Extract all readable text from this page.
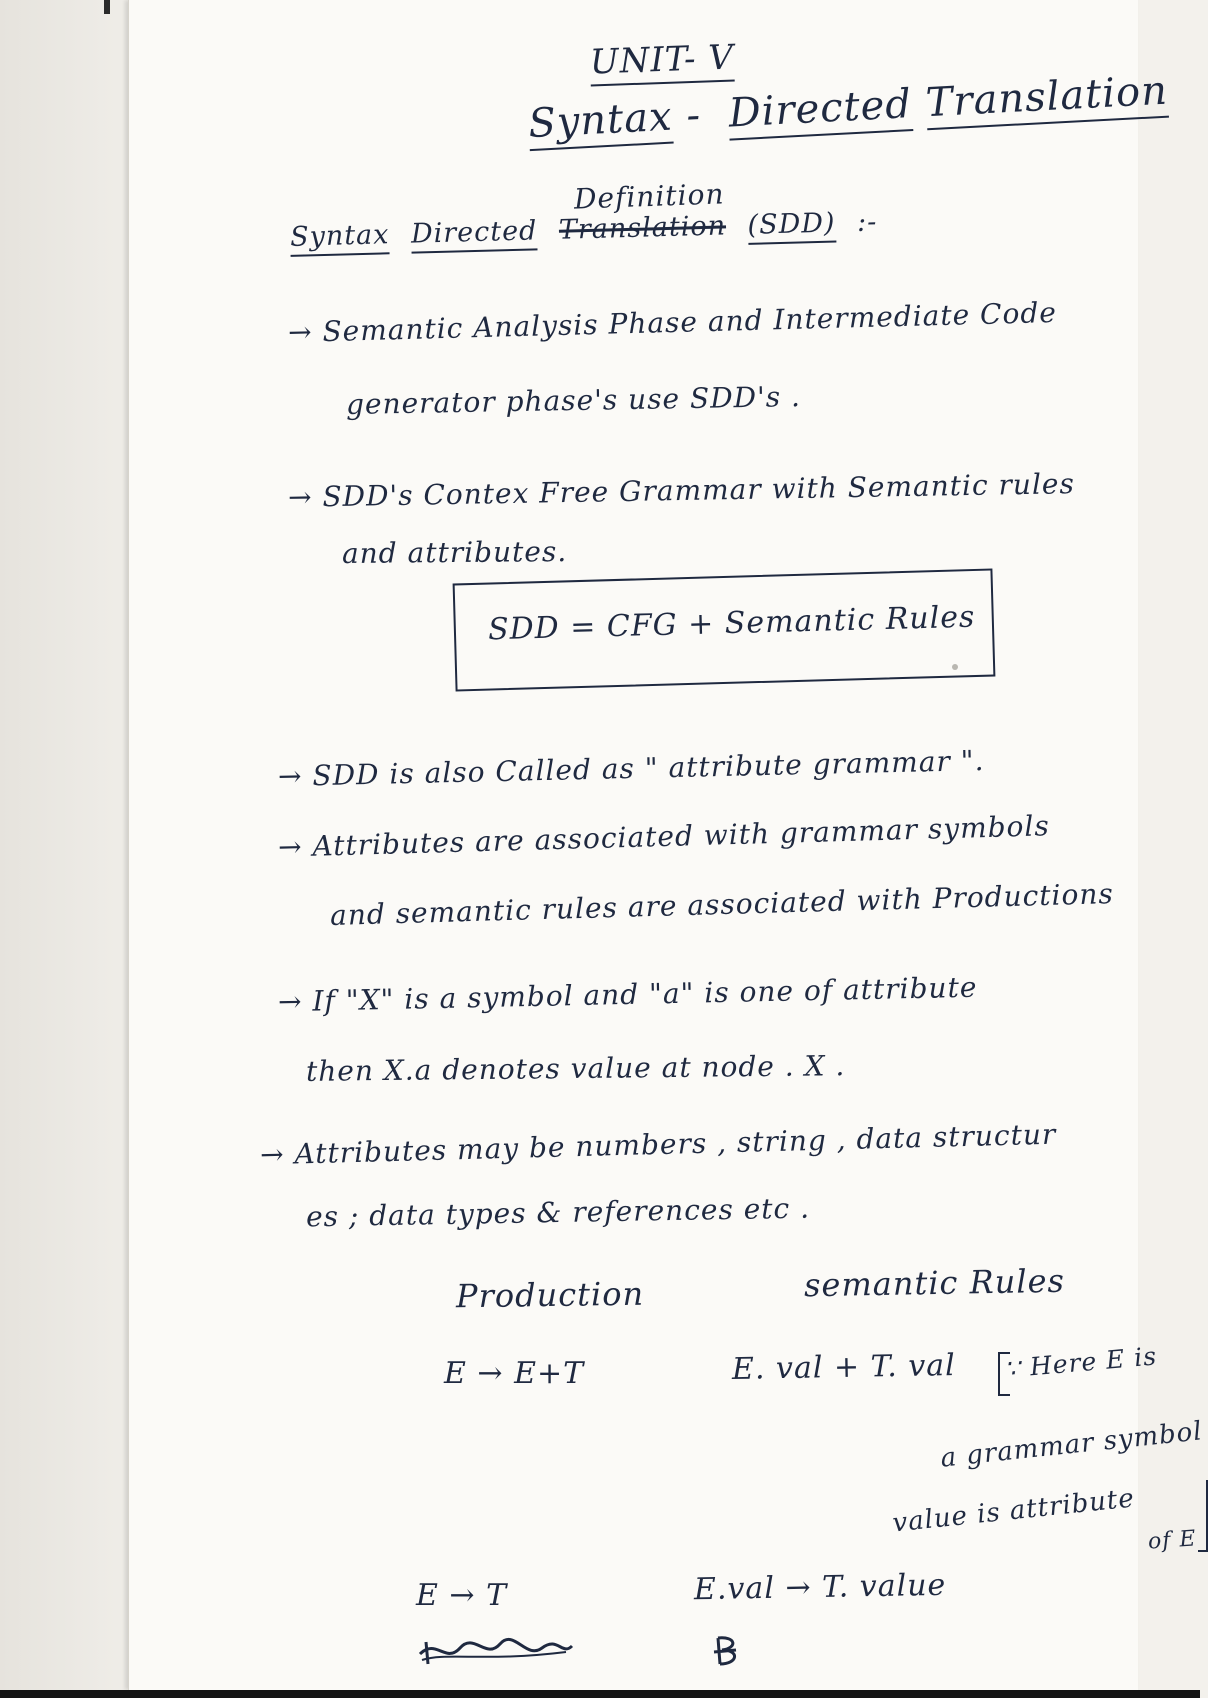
UNIT- V
Syntax - Directed Translation
Definition
Syntax Directed Translation (SDD) :-
→ Semantic Analysis Phase and Intermediate Code
generator phase's use SDD's .
→ SDD's Contex Free Grammar with Semantic rules
and attributes.
SDD = CFG + Semantic Rules
→ SDD is also Called as " attribute grammar ".
→ Attributes are associated with grammar symbols
and semantic rules are associated with Productions
→ If "X" is a symbol and "a" is one of attribute
then X.a denotes value at node . X .
→ Attributes may be numbers , string , data structur
es ; data types & references etc .
Production	semantic Rules
E → E+T	E. val + T. val ∵ Here E is
a grammar symbol
value is attribute
of E
E → T	E.val → T. value
